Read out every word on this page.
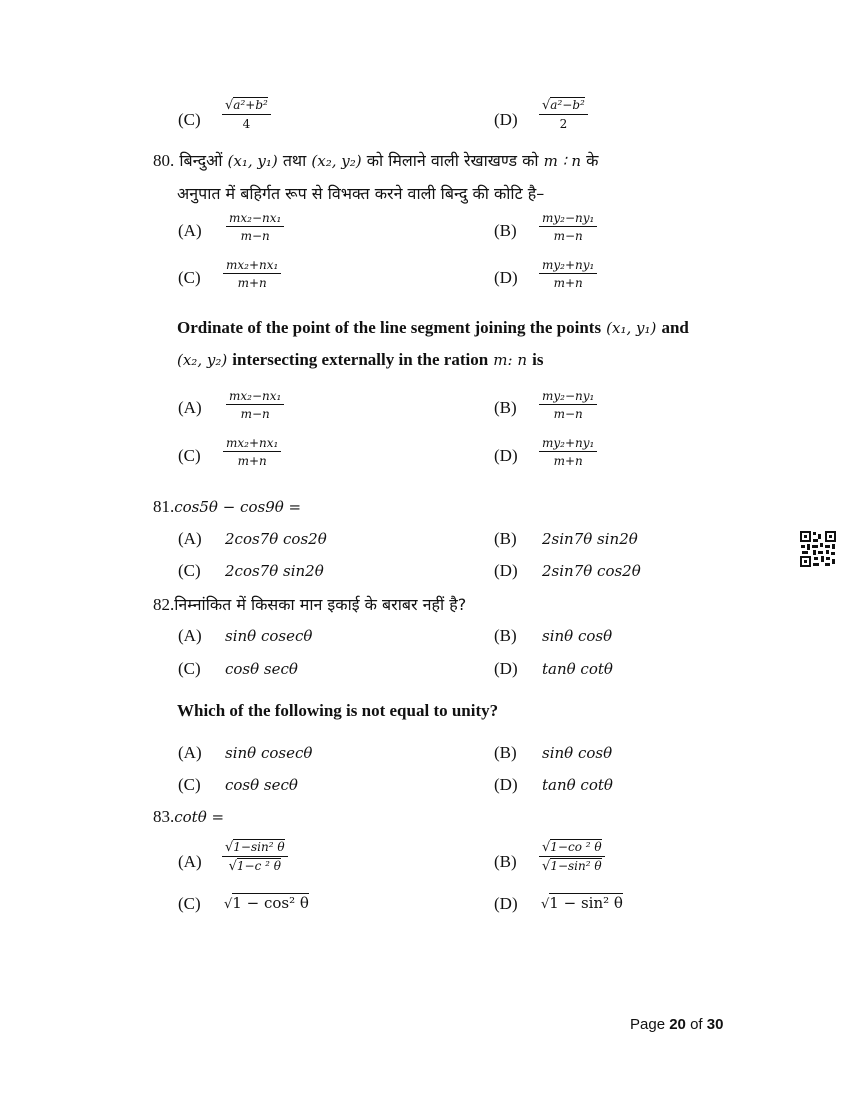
$(C) \frac{\text{√a²+b²}}{4}$	$(D) \frac{\text{√a²−b²}}{2}$
80. बिन्दुओं (x₁, y₁) तथा (x₂, y₂) को मिलाने वाली रेखाखण्ड को m ∶ n के
अनुपात में बहिर्गत रूप से विभक्त करने वाली बिन्दु की कोटि है–
$(A) \frac{\text{mx₂−nx₁}}{m-n}$	$(B) \frac{\text{my₂−ny₁}}{m-n}$
$(C) \frac{\text{mx₂+nx₁}}{m+n}$	$(D) \frac{\text{my₂+ny₁}}{m+n}$
Ordinate of the point of the line segment joining the points (x₁, y₁) and
(x₂, y₂) intersecting externally in the ration m: n is
$(A) \frac{\text{mx₂−nx₁}}{m-n}$	$(B) \frac{\text{my₂−ny₁}}{m-n}$
$(C) \frac{\text{mx₂+nx₁}}{m+n}$	$(D) \frac{\text{my₂+ny₁}}{m+n}$
81.cos5θ − cos9θ =
(A) 2cos7θ cos2θ	(B) 2sin7θ sin2θ
(C) 2cos7θ sin2θ	(D) 2sin7θ cos2θ
82.निम्नांकित में किसका मान इकाई के बराबर नहीं है?
(A) sinθ cosecθ	(B) sinθ cosθ
(C) cosθ secθ	(D) tanθ cotθ
Which of the following is not equal to unity?
(A) sinθ cosecθ	(B) sinθ cosθ
(C) cosθ secθ	(D) tanθ cotθ
83.cotθ =
$(A) \frac{\text{√1−sin² θ}}{\text{√1−c ² θ}}$	$(B) \frac{\text{√1−co ² θ}}{\text{√1−sin² θ}}$
(C) √1 − cos² θ	(D) √1 − sin² θ
Page 20 of 30
